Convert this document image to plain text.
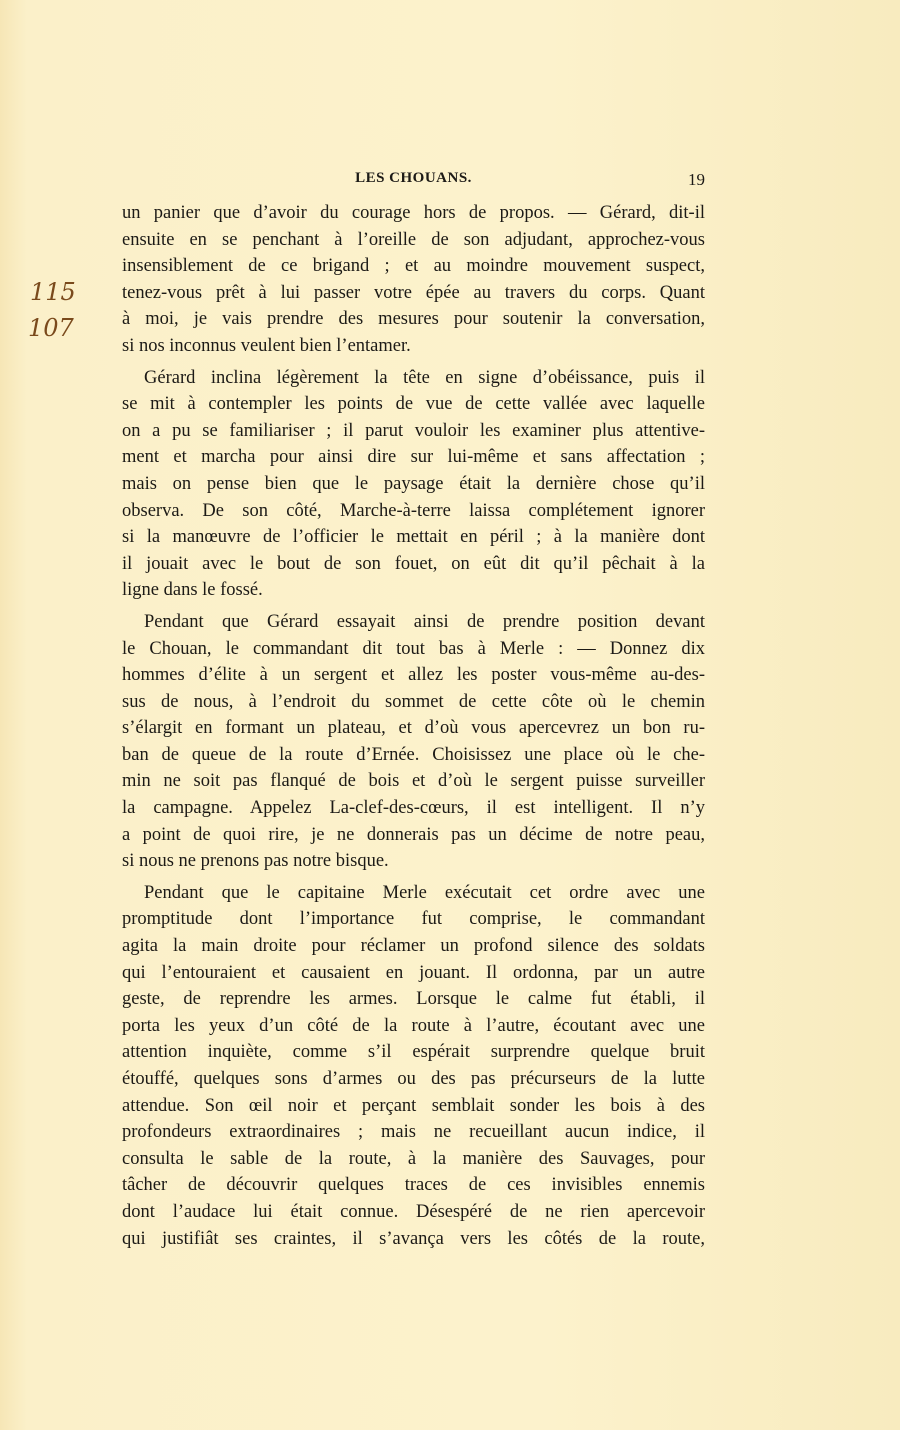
LES CHOUANS.	19
115
107
un panier que d’avoir du courage hors de propos. — Gérard, dit-il
ensuite en se penchant à l’oreille de son adjudant, approchez-vous
insensiblement de ce brigand ; et au moindre mouvement suspect,
tenez-vous prêt à lui passer votre épée au travers du corps. Quant
à moi, je vais prendre des mesures pour soutenir la conversation,
si nos inconnus veulent bien l’entamer.
Gérard inclina légèrement la tête en signe d’obéissance, puis il
se mit à contempler les points de vue de cette vallée avec laquelle
on a pu se familiariser ; il parut vouloir les examiner plus attentive-
ment et marcha pour ainsi dire sur lui-même et sans affectation ;
mais on pense bien que le paysage était la dernière chose qu’il
observa. De son côté, Marche-à-terre laissa complétement ignorer
si la manœuvre de l’officier le mettait en péril ; à la manière dont
il jouait avec le bout de son fouet, on eût dit qu’il pêchait à la
ligne dans le fossé.
Pendant que Gérard essayait ainsi de prendre position devant
le Chouan, le commandant dit tout bas à Merle : — Donnez dix
hommes d’élite à un sergent et allez les poster vous-même au-des-
sus de nous, à l’endroit du sommet de cette côte où le chemin
s’élargit en formant un plateau, et d’où vous apercevrez un bon ru-
ban de queue de la route d’Ernée. Choisissez une place où le che-
min ne soit pas flanqué de bois et d’où le sergent puisse surveiller
la campagne. Appelez La-clef-des-cœurs, il est intelligent. Il n’y
a point de quoi rire, je ne donnerais pas un décime de notre peau,
si nous ne prenons pas notre bisque.
Pendant que le capitaine Merle exécutait cet ordre avec une
promptitude dont l’importance fut comprise, le commandant
agita la main droite pour réclamer un profond silence des soldats
qui l’entouraient et causaient en jouant. Il ordonna, par un autre
geste, de reprendre les armes. Lorsque le calme fut établi, il
porta les yeux d’un côté de la route à l’autre, écoutant avec une
attention inquiète, comme s’il espérait surprendre quelque bruit
étouffé, quelques sons d’armes ou des pas précurseurs de la lutte
attendue. Son œil noir et perçant semblait sonder les bois à des
profondeurs extraordinaires ; mais ne recueillant aucun indice, il
consulta le sable de la route, à la manière des Sauvages, pour
tâcher de découvrir quelques traces de ces invisibles ennemis
dont l’audace lui était connue. Désespéré de ne rien apercevoir
qui justifiât ses craintes, il s’avança vers les côtés de la route,
